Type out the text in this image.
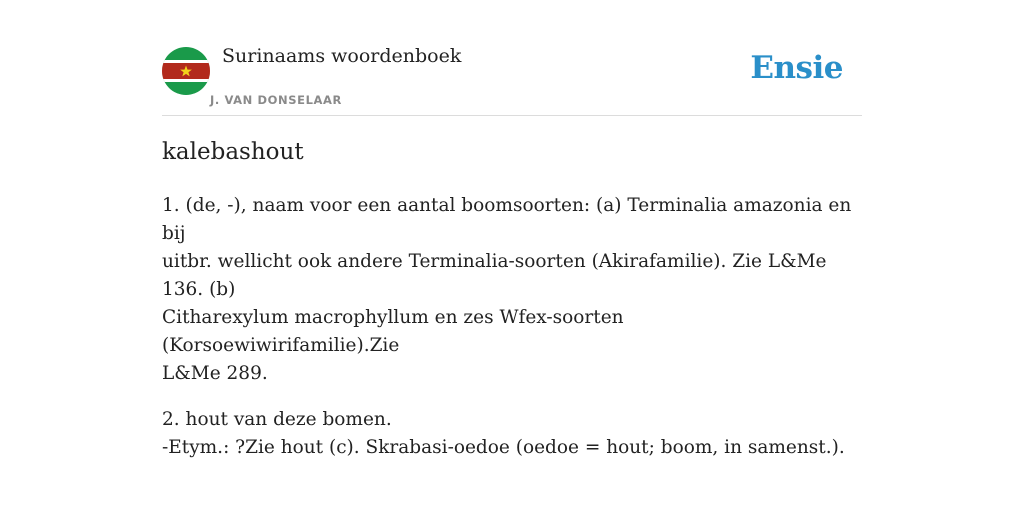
Surinaams woordenboek
J. VAN DONSELAAR
Ensie
kalebashout

1. (de, -), naam voor een aantal boomsoorten: (a) Terminalia amazonia en bij
uitbr. wellicht ook andere Terminalia-soorten (Akirafamilie). Zie L&Me 136. (b)
Citharexylum macrophyllum en zes Wfex-soorten (Korsoewiwirifamilie).Zie
L&Me 289.

2. hout van deze bomen.
-Etym.: ?Zie hout (c). Skrabasi-oedoe (oedoe = hout; boom, in samenst.).
